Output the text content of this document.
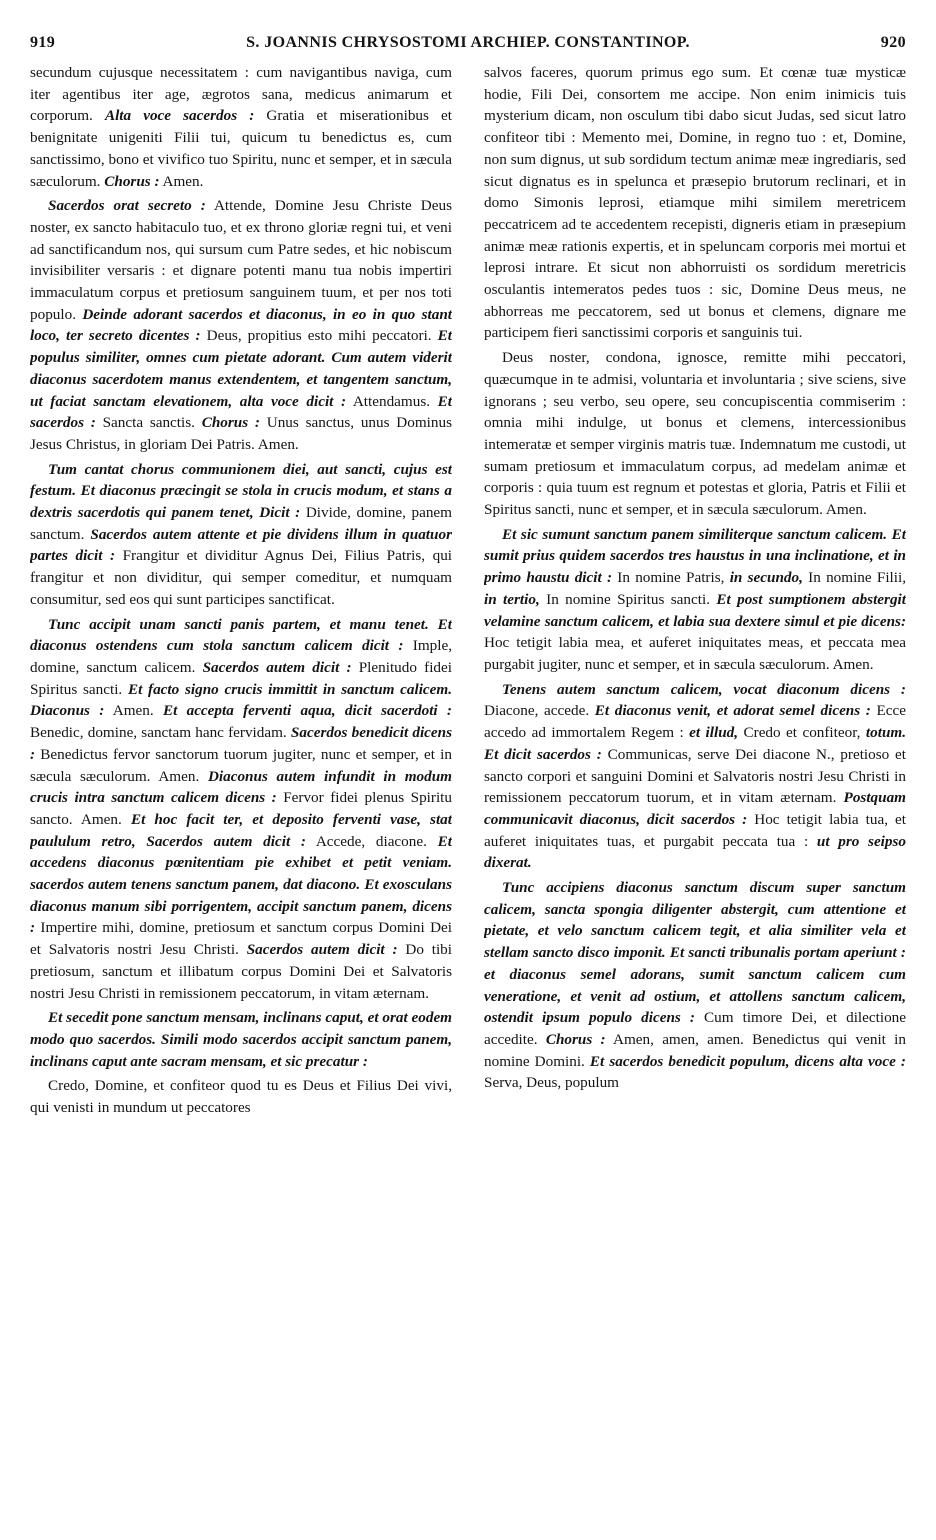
919	S. JOANNIS CHRYSOSTOMI ARCHIEP. CONSTANTINOP.	920

secundum cujusque necessitatem : cum navigantibus naviga, cum iter agentibus iter age, ægrotos sana, medicus animarum et corporum. Alta voce sacerdos : Gratia et miserationibus et benignitate unigeniti Filii tui, quicum tu benedictus es, cum sanctissimo, bono et vivifico tuo Spiritu, nunc et semper, et in sæcula sæculorum. Chorus : Amen.

Sacerdos orat secreto : Attende, Domine Jesu Christe Deus noster, ex sancto habitaculo tuo, et ex throno gloriæ regni tui, et veni ad sanctificandum nos, qui sursum cum Patre sedes, et hic nobiscum invisibiliter versaris : et dignare potenti manu tua nobis impertiri immaculatum corpus et pretiosum sanguinem tuum, et per nos toti populo. Deinde adorant sacerdos et diaconus, in eo in quo stant loco, ter secreto dicentes : Deus, propitius esto mihi peccatori. Et populus similiter, omnes cum pietate adorant. Cum autem viderit diaconus sacerdotem manus extendentem, et tangentem sanctum, ut faciat sanctam elevationem, alta voce dicit : Attendamus. Et sacerdos : Sancta sanctis. Chorus : Unus sanctus, unus Dominus Jesus Christus, in gloriam Dei Patris. Amen.

Tum cantat chorus communionem diei, aut sancti, cujus est festum. Et diaconus præcingit se stola in crucis modum, et stans a dextris sacerdotis qui panem tenet, Dicit : Divide, domine, panem sanctum. Sacerdos autem attente et pie dividens illum in quatuor partes dicit : Frangitur et dividitur Agnus Dei, Filius Patris, qui frangitur et non dividitur, qui semper comeditur, et numquam consumitur, sed eos qui sunt participes sanctificat.

Tunc accipit unam sancti panis partem, et manu tenet. Et diaconus ostendens cum stola sanctum calicem dicit : Imple, domine, sanctum calicem. Sacerdos autem dicit : Plenitudo fidei Spiritus sancti. Et facto signo crucis immittit in sanctum calicem. Diaconus : Amen. Et accepta ferventi aqua, dicit sacerdoti : Benedic, domine, sanctam hanc fervidam. Sacerdos benedicit dicens : Benedictus fervor sanctorum tuorum jugiter, nunc et semper, et in sæcula sæculorum. Amen. Diaconus autem infundit in modum crucis intra sanctum calicem dicens : Fervor fidei plenus Spiritu sancto. Amen. Et hoc facit ter, et deposito ferventi vase, stat paululum retro, Sacerdos autem dicit : Accede, diacone. Et accedens diaconus pœnitentiam pie exhibet et petit veniam. sacerdos autem tenens sanctum panem, dat diacono. Et exosculans diaconus manum sibi porrigentem, accipit sanctum panem, dicens : Impertire mihi, domine, pretiosum et sanctum corpus Domini Dei et Salvatoris nostri Jesu Christi. Sacerdos autem dicit : Do tibi pretiosum, sanctum et illibatum corpus Domini Dei et Salvatoris nostri Jesu Christi in remissionem peccatorum, in vitam æternam.

Et secedit pone sanctum mensam, inclinans caput, et orat eodem modo quo sacerdos. Simili modo sacerdos accipit sanctum panem, inclinans caput ante sacram mensam, et sic precatur :

Credo, Domine, et confiteor quod tu es Deus et Filius Dei vivi, qui venisti in mundum ut peccatores

salvos faceres, quorum primus ego sum. Et cœnæ tuæ mysticæ hodie, Fili Dei, consortem me accipe. Non enim inimicis tuis mysterium dicam, non osculum tibi dabo sicut Judas, sed sicut latro confiteor tibi : Memento mei, Domine, in regno tuo : et, Domine, non sum dignus, ut sub sordidum tectum animæ meæ ingrediaris, sed sicut dignatus es in spelunca et præsepio brutorum reclinari, et in domo Simonis leprosi, etiamque mihi similem meretricem peccatricem ad te accedentem recepisti, digneris etiam in præsepium animæ meæ rationis expertis, et in speluncam corporis mei mortui et leprosi intrare. Et sicut non abhorruisti os sordidum meretricis osculantis intemeratos pedes tuos : sic, Domine Deus meus, ne abhorreas me peccatorem, sed ut bonus et clemens, dignare me participem fieri sanctissimi corporis et sanguinis tui.

Deus noster, condona, ignosce, remitte mihi peccatori, quæcumque in te admisi, voluntaria et involuntaria ; sive sciens, sive ignorans ; seu verbo, seu opere, seu concupiscentia commiserim : omnia mihi indulge, ut bonus et clemens, intercessionibus intemeratæ et semper virginis matris tuæ. Indemnatum me custodi, ut sumam pretiosum et immaculatum corpus, ad medelam animæ et corporis : quia tuum est regnum et potestas et gloria, Patris et Filii et Spiritus sancti, nunc et semper, et in sæcula sæculorum. Amen.

Et sic sumunt sanctum panem similiterque sanctum calicem. Et sumit prius quidem sacerdos tres haustus in una inclinatione, et in primo haustu dicit : In nomine Patris, in secundo, In nomine Filii, in tertio, In nomine Spiritus sancti. Et post sumptionem abstergit velamine sanctum calicem, et labia sua dextere simul et pie dicens: Hoc tetigit labia mea, et auferet iniquitates meas, et peccata mea purgabit jugiter, nunc et semper, et in sæcula sæculorum. Amen.

Tenens autem sanctum calicem, vocat diaconum dicens : Diacone, accede. Et diaconus venit, et adorat semel dicens : Ecce accedo ad immortalem Regem : et illud, Credo et confiteor, totum. Et dicit sacerdos : Communicas, serve Dei diacone N., pretioso et sancto corpori et sanguini Domini et Salvatoris nostri Jesu Christi in remissionem peccatorum tuorum, et in vitam æternam. Postquam communicavit diaconus, dicit sacerdos : Hoc tetigit labia tua, et auferet iniquitates tuas, et purgabit peccata tua : ut pro seipso dixerat.

Tunc accipiens diaconus sanctum discum super sanctum calicem, sancta spongia diligenter abstergit, cum attentione et pietate, et velo sanctum calicem tegit, et alia similiter vela et stellam sancto disco imponit. Et sancti tribunalis portam aperiunt : et diaconus semel adorans, sumit sanctum calicem cum veneratione, et venit ad ostium, et attollens sanctum calicem, ostendit ipsum populo dicens : Cum timore Dei, et dilectione accedite. Chorus : Amen, amen, amen. Benedictus qui venit in nomine Domini. Et sacerdos benedicit populum, dicens alta voce : Serva, Deus, populum
